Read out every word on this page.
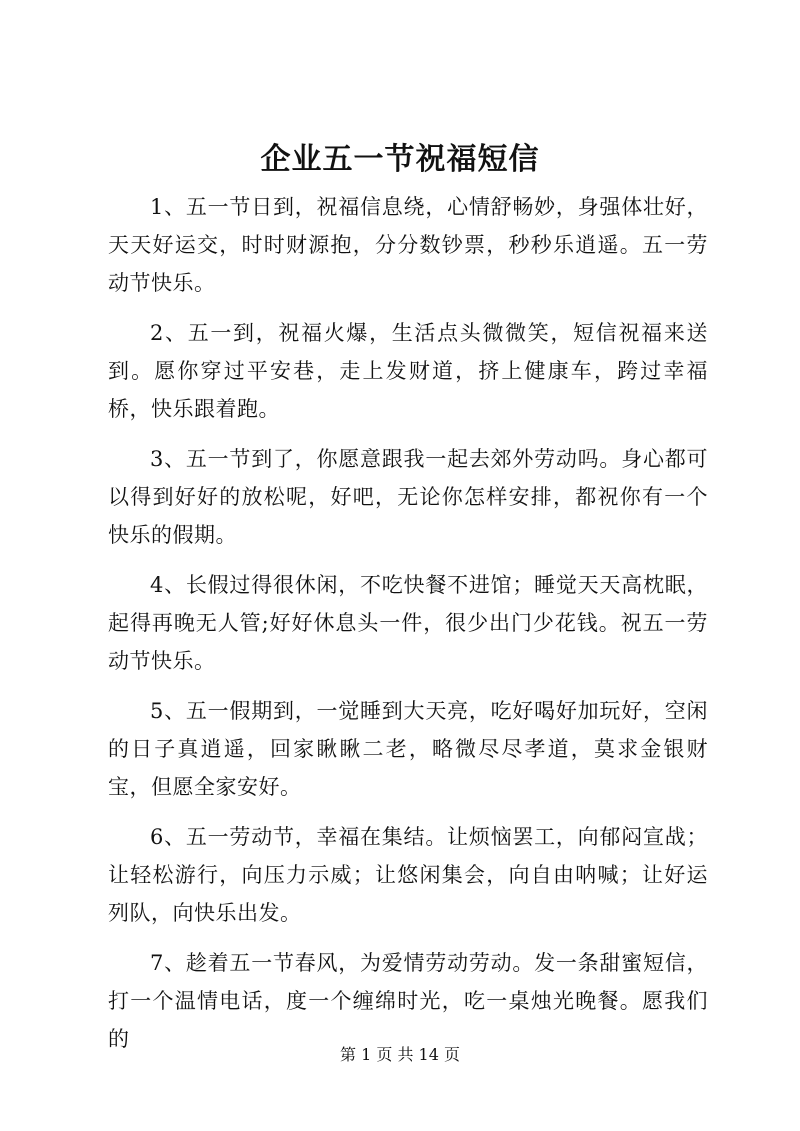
企业五一节祝福短信

1、五一节日到，祝福信息绕，心情舒畅妙，身强体壮好，天天好运交，时时财源抱，分分数钞票，秒秒乐逍遥。五一劳动节快乐。

2、五一到，祝福火爆，生活点头微微笑，短信祝福来送到。愿你穿过平安巷，走上发财道，挤上健康车，跨过幸福桥，快乐跟着跑。

3、五一节到了，你愿意跟我一起去郊外劳动吗。身心都可以得到好好的放松呢，好吧，无论你怎样安排，都祝你有一个快乐的假期。

4、长假过得很休闲，不吃快餐不进馆；睡觉天天高枕眠，起得再晚无人管;好好休息头一件，很少出门少花钱。祝五一劳动节快乐。

5、五一假期到，一觉睡到大天亮，吃好喝好加玩好，空闲的日子真逍遥，回家瞅瞅二老，略微尽尽孝道，莫求金银财宝，但愿全家安好。

6、五一劳动节，幸福在集结。让烦恼罢工，向郁闷宣战；让轻松游行，向压力示威；让悠闲集会，向自由呐喊；让好运列队，向快乐出发。

7、趁着五一节春风，为爱情劳动劳动。发一条甜蜜短信，打一个温情电话，度一个缠绵时光，吃一桌烛光晚餐。愿我们的

第 1 页 共 14 页
